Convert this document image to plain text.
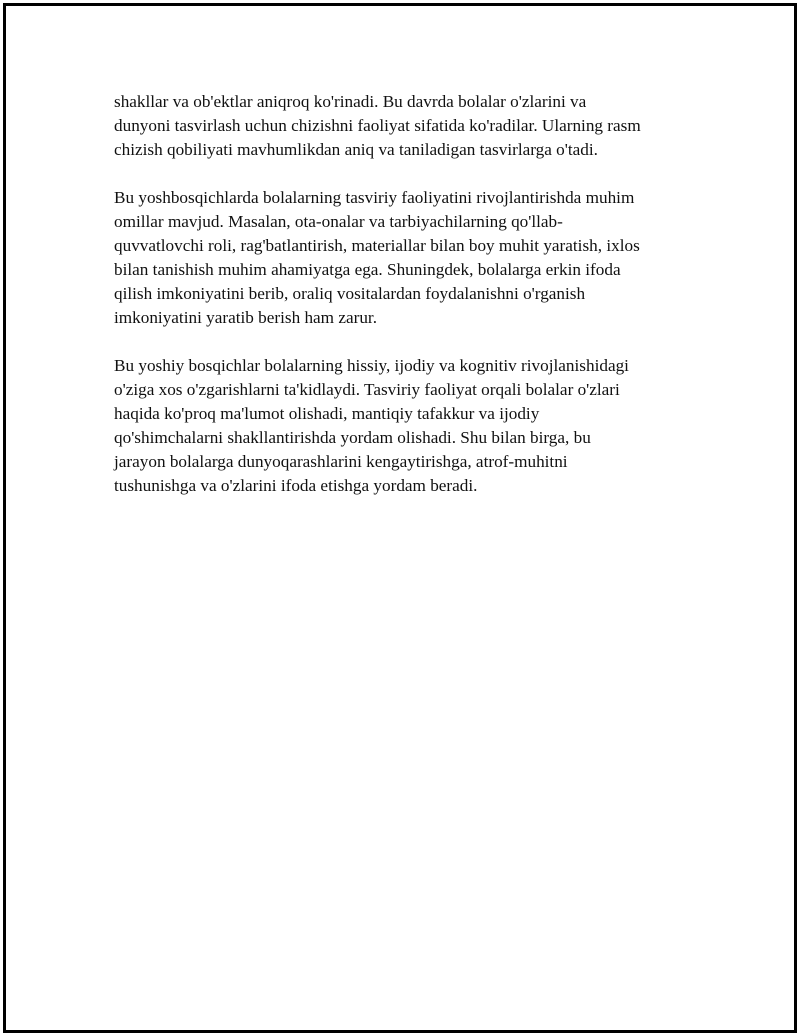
shakllar va ob'ektlar aniqroq ko'rinadi. Bu davrda bolalar o'zlarini va
dunyoni tasvirlash uchun chizishni faoliyat sifatida ko'radilar. Ularning rasm
chizish qobiliyati mavhumlikdan aniq va taniladigan tasvirlarga o'tadi.

Bu yoshbosqichlarda bolalarning tasviriy faoliyatini rivojlantirishda muhim
omillar mavjud. Masalan, ota-onalar va tarbiyachilarning qo'llab-
quvvatlovchi roli, rag'batlantirish, materiallar bilan boy muhit yaratish, ixlos
bilan tanishish muhim ahamiyatga ega. Shuningdek, bolalarga erkin ifoda
qilish imkoniyatini berib, oraliq vositalardan foydalanishni o'rganish
imkoniyatini yaratib berish ham zarur.

Bu yoshiy bosqichlar bolalarning hissiy, ijodiy va kognitiv rivojlanishidagi
o'ziga xos o'zgarishlarni ta'kidlaydi. Tasviriy faoliyat orqali bolalar o'zlari
haqida ko'proq ma'lumot olishadi, mantiqiy tafakkur va ijodiy
qo'shimchalarni shakllantirishda yordam olishadi. Shu bilan birga, bu
jarayon bolalarga dunyoqarashlarini kengaytirishga, atrof-muhitni
tushunishga va o'zlarini ifoda etishga yordam beradi.
